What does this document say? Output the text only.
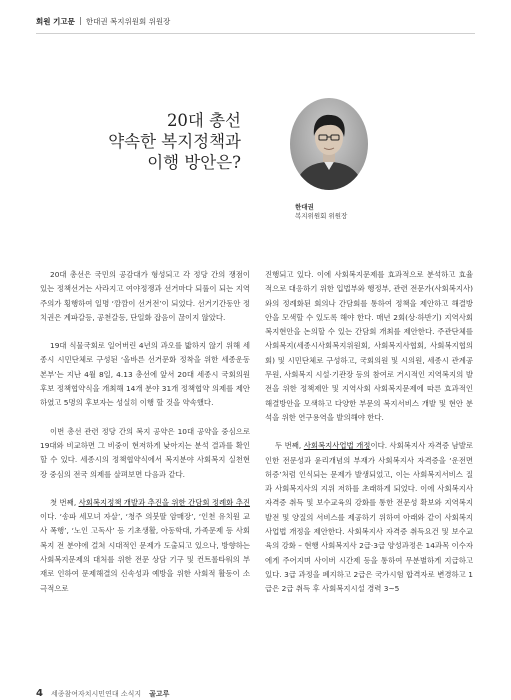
회원 기고문 한대권 복지위원회 위원장
20대 총선
약속한 복지정책과
이행 방안은?
한대권
복지위원회 위원장

20대 총선은 국민의 공감대가 형성되고 각 정당 간의 쟁점이 있는 정책선거는 사라지고 여야정쟁과 선거마다 되풀이 되는 지역주의가 횡행하여 일명 ‘깜깜이 선거전’이 되었다. 선거기간동안 정치권은 계파갈등, 공천갈등, 단일화 잡음이 끊이지 않았다.

19대 식물국회로 일어버린 4년의 과오를 밟하지 않기 위해 세종시 시민단체로 구성된 ‘올바른 선거문화 정착을 위한 세종운동본부’는 지난 4월 8일, 4.13 총선에 앞서 20대 세종시 국회의원 후보 정책협약식을 개최해 14개 분야 31개 정책협약 의제를 제안하였고 5명의 후보자는 성실히 이행 할 것을 약속했다.

이번 총선 관련 정당 간의 복지 공약은 10대 공약을 중심으로 19대와 비교하면 그 비중이 현저하게 낮아지는 분석 결과를 확인할 수 있다. 세종시의 정책협약식에서 복지분야 사회복지 실천현장 중심의 전국 의제를 살펴보면 다음과 같다.

첫 번째, 사회복지정책 개발과 추진을 위한 간담회 정례화 추진이다. ‘송파 세모녀 자살’, ‘청주 의붓딸 암매장’, ‘인천 유치원 교사 폭행’, ‘노인 고독사’ 등 기초생활, 아동학대, 가족문제 등 사회복지 전 분야에 걸쳐 시대적인 문제가 도출되고 있으나, 방향하는 사회복지문제의 대처를 위한 전문 상담 기구 및 컨트롤타워의 부재로 인하여 문제해결의 신속성과 예방을 위한 사회적 활동이 소극적으로

진행되고 있다. 이에 사회복지문제를 효과적으로 분석하고 효율적으로 대응하기 위한 입법부와 행정부, 관련 전문가(사회복지사)와의 정례화된 회의나 간담회를 통하여 정책을 제안하고 해결방안을 모색할 수 있도록 해야 한다. 매년 2회(상·하반기) 지역사회 복지현안을 논의할 수 있는 간담회 개최를 제안한다. 주관단체를 사회복지(세종시사회복지위원회, 사회복지사협회, 사회복지협의회) 및 시민단체로 구성하고, 국회의원 및 시의원, 세종시 관계공무원, 사회복지 시설·기관장 등의 참여로 거시적인 지역복지의 발전을 위한 정책제안 및 지역사회 사회복지문제에 따른 효과적인 해결방안을 모색하고 다양한 부문의 복지서비스 개발 및 현안 분석을 위한 연구용역을 발의해야 한다.

두 번째, 사회복지사업법 개정이다. 사회복지사 자격증 남발로 인한 전문성과 윤리개념의 부재가 사회복지사 자격증을 ‘운전면허증’처럼 인식되는 문제가 발생되었고, 이는 사회복지서비스 질과 사회복지사의 지위 저하를 초래하게 되었다. 이에 사회복지사 자격증 취득 및 보수교육의 강화를 통한 전문성 확보와 지역복지 발전 및 양질의 서비스를 제공하기 위하여 아래와 같이 사회복지사업법 개정을 제안한다. 사회복지사 자격증 취득요건 및 보수교육의 강화 – 현행 사회복지사 2급·3급 양성과정은 14과목 이수자에게 주어지며 사이버 시간제 등을 통하여 무분별하게 지급하고 있다. 3급 과정을 폐지하고 2급은 국가시험 합격자로 변경하고 1급은 2급 취득 후 사회복지시설 경력 3~5

4 세종참여자치시민연대 소식지 골고루
